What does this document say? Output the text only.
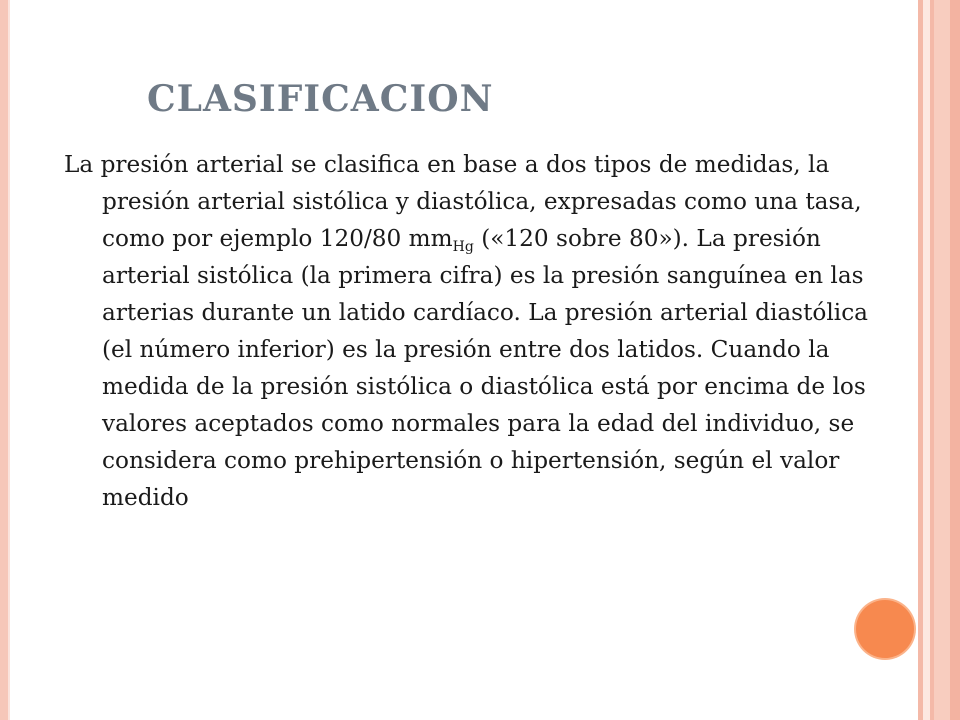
CLASIFICACION

La presión arterial se clasifica en base a dos tipos de medidas, la presión arterial sistólica y diastólica, expresadas como una tasa, como por ejemplo 120/80 $mm_{Hg}$ («120 sobre 80»). La presión arterial sistólica (la primera cifra) es la presión sanguínea en las arterias durante un latido cardíaco. La presión arterial diastólica (el número inferior) es la presión entre dos latidos. Cuando la medida de la presión sistólica o diastólica está por encima de los valores aceptados como normales para la edad del individuo, se considera como prehipertensión o hipertensión, según el valor medido
